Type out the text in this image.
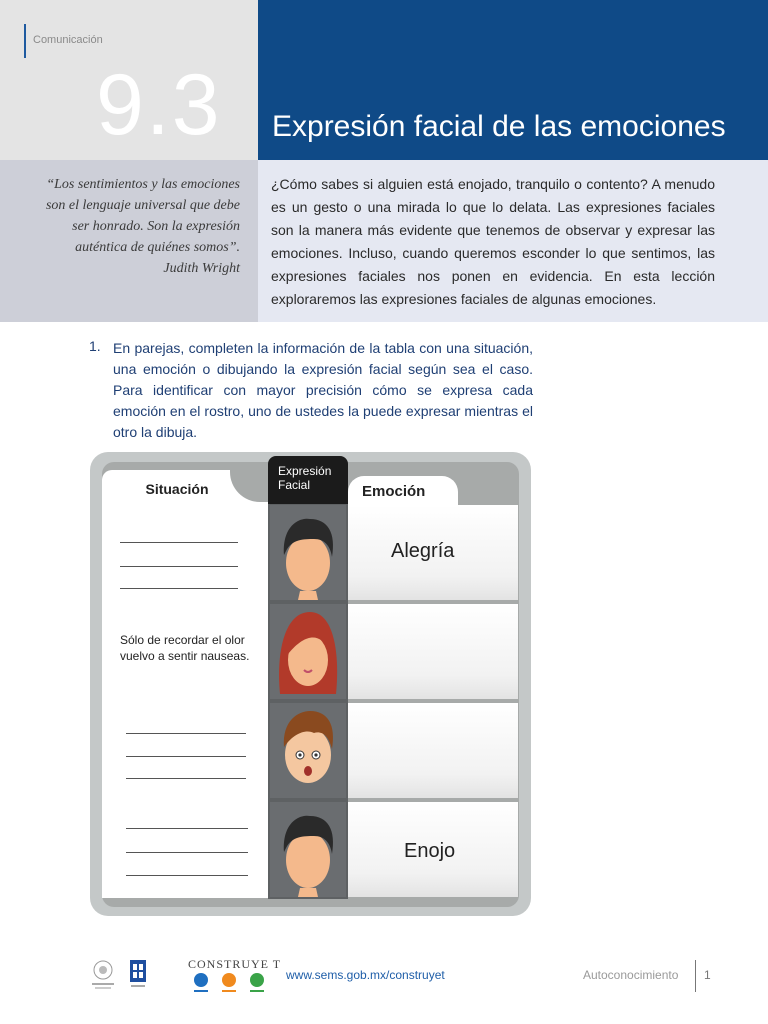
Comunicación
9.3 Expresión facial de las emociones
“Los sentimientos y las emociones son el lenguaje universal que debe ser honrado. Son la expresión auténtica de quiénes somos”.
Judith Wright
¿Cómo sabes si alguien está enojado, tranquilo o contento? A menudo es un gesto o una mirada lo que lo delata. Las expresiones faciales son la manera más evidente que tenemos de observar y expresar las emociones. Incluso, cuando queremos esconder lo que sentimos, las expresiones faciales nos ponen en evidencia. En esta lección exploraremos las expresiones faciales de algunas emociones.
1. En parejas, completen la información de la tabla con una situación, una emoción o dibujando la expresión facial según sea el caso. Para identificar con mayor precisión cómo se expresa cada emoción en el rostro, uno de ustedes la puede expresar mientras el otro la dibuja.
Situación
Expresión Facial	Emoción
Alegría
Sólo de recordar el olor vuelvo a sentir nauseas.
Enojo
CONSTRUYE T
www.sems.gob.mx/construyet	Autoconocimiento 1
